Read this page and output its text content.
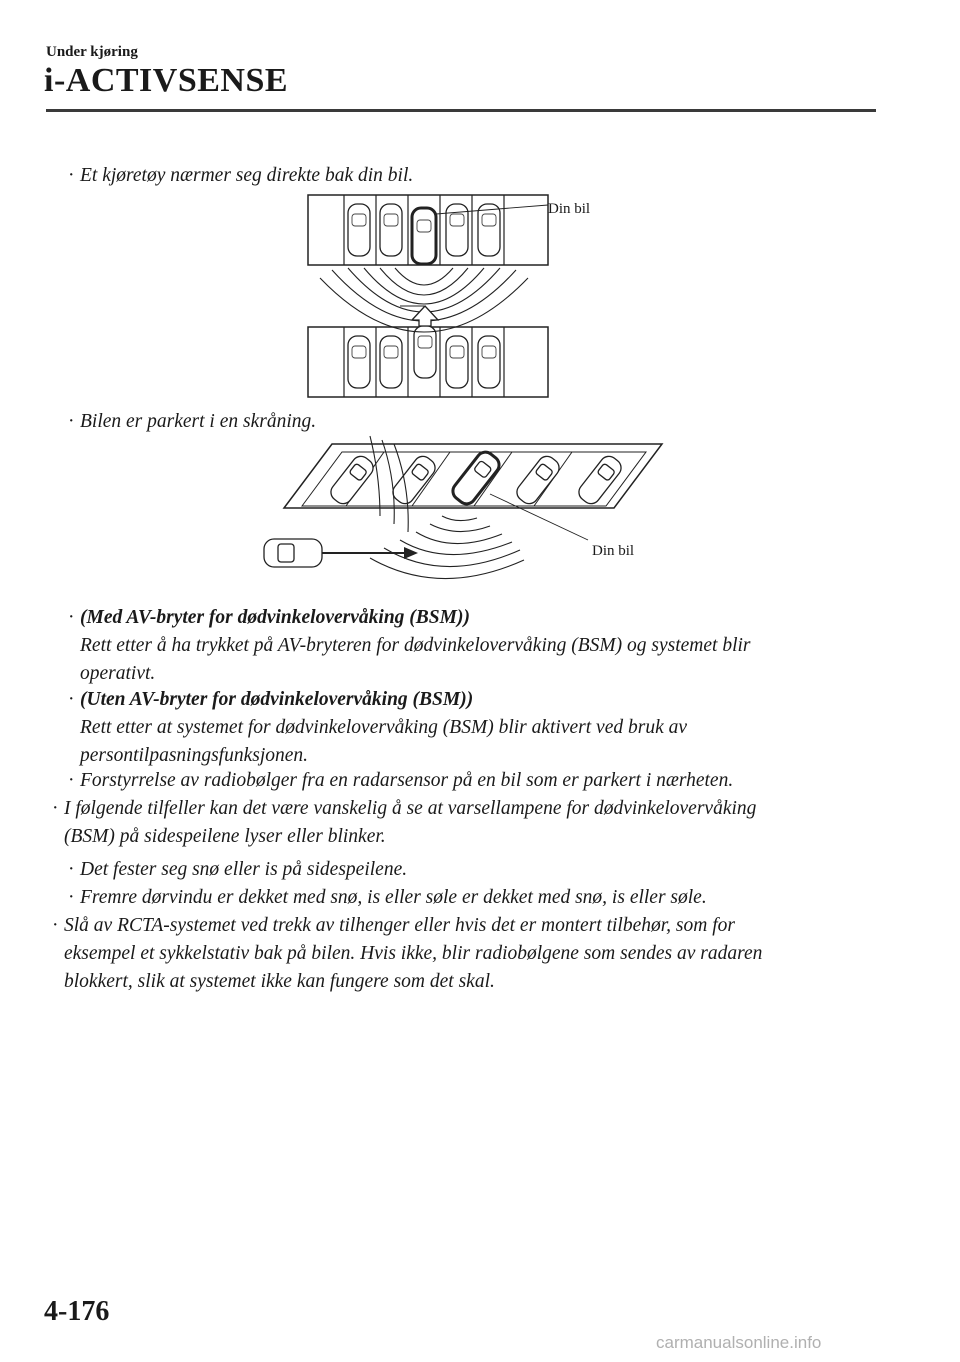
Under kjøring
i-ACTIVSENSE
· Et kjøretøy nærmer seg direkte bak din bil.
Din bil
· Bilen er parkert i en skråning.
Din bil
· (Med AV-bryter for dødvinkelovervåking (BSM))
Rett etter å ha trykket på AV-bryteren for dødvinkelovervåking (BSM) og systemet blir
operativt.
· (Uten AV-bryter for dødvinkelovervåking (BSM))
Rett etter at systemet for dødvinkelovervåking (BSM) blir aktivert ved bruk av
persontilpasningsfunksjonen.
· Forstyrrelse av radiobølger fra en radarsensor på en bil som er parkert i nærheten.
· I følgende tilfeller kan det være vanskelig å se at varsellampene for dødvinkelovervåking
(BSM) på sidespeilene lyser eller blinker.
· Det fester seg snø eller is på sidespeilene.
· Fremre dørvindu er dekket med snø, is eller søle er dekket med snø, is eller søle.
· Slå av RCTA-systemet ved trekk av tilhenger eller hvis det er montert tilbehør, som for
eksempel et sykkelstativ bak på bilen. Hvis ikke, blir radiobølgene som sendes av radaren
blokkert, slik at systemet ikke kan fungere som det skal.
4-176
carmanualsonline.info
